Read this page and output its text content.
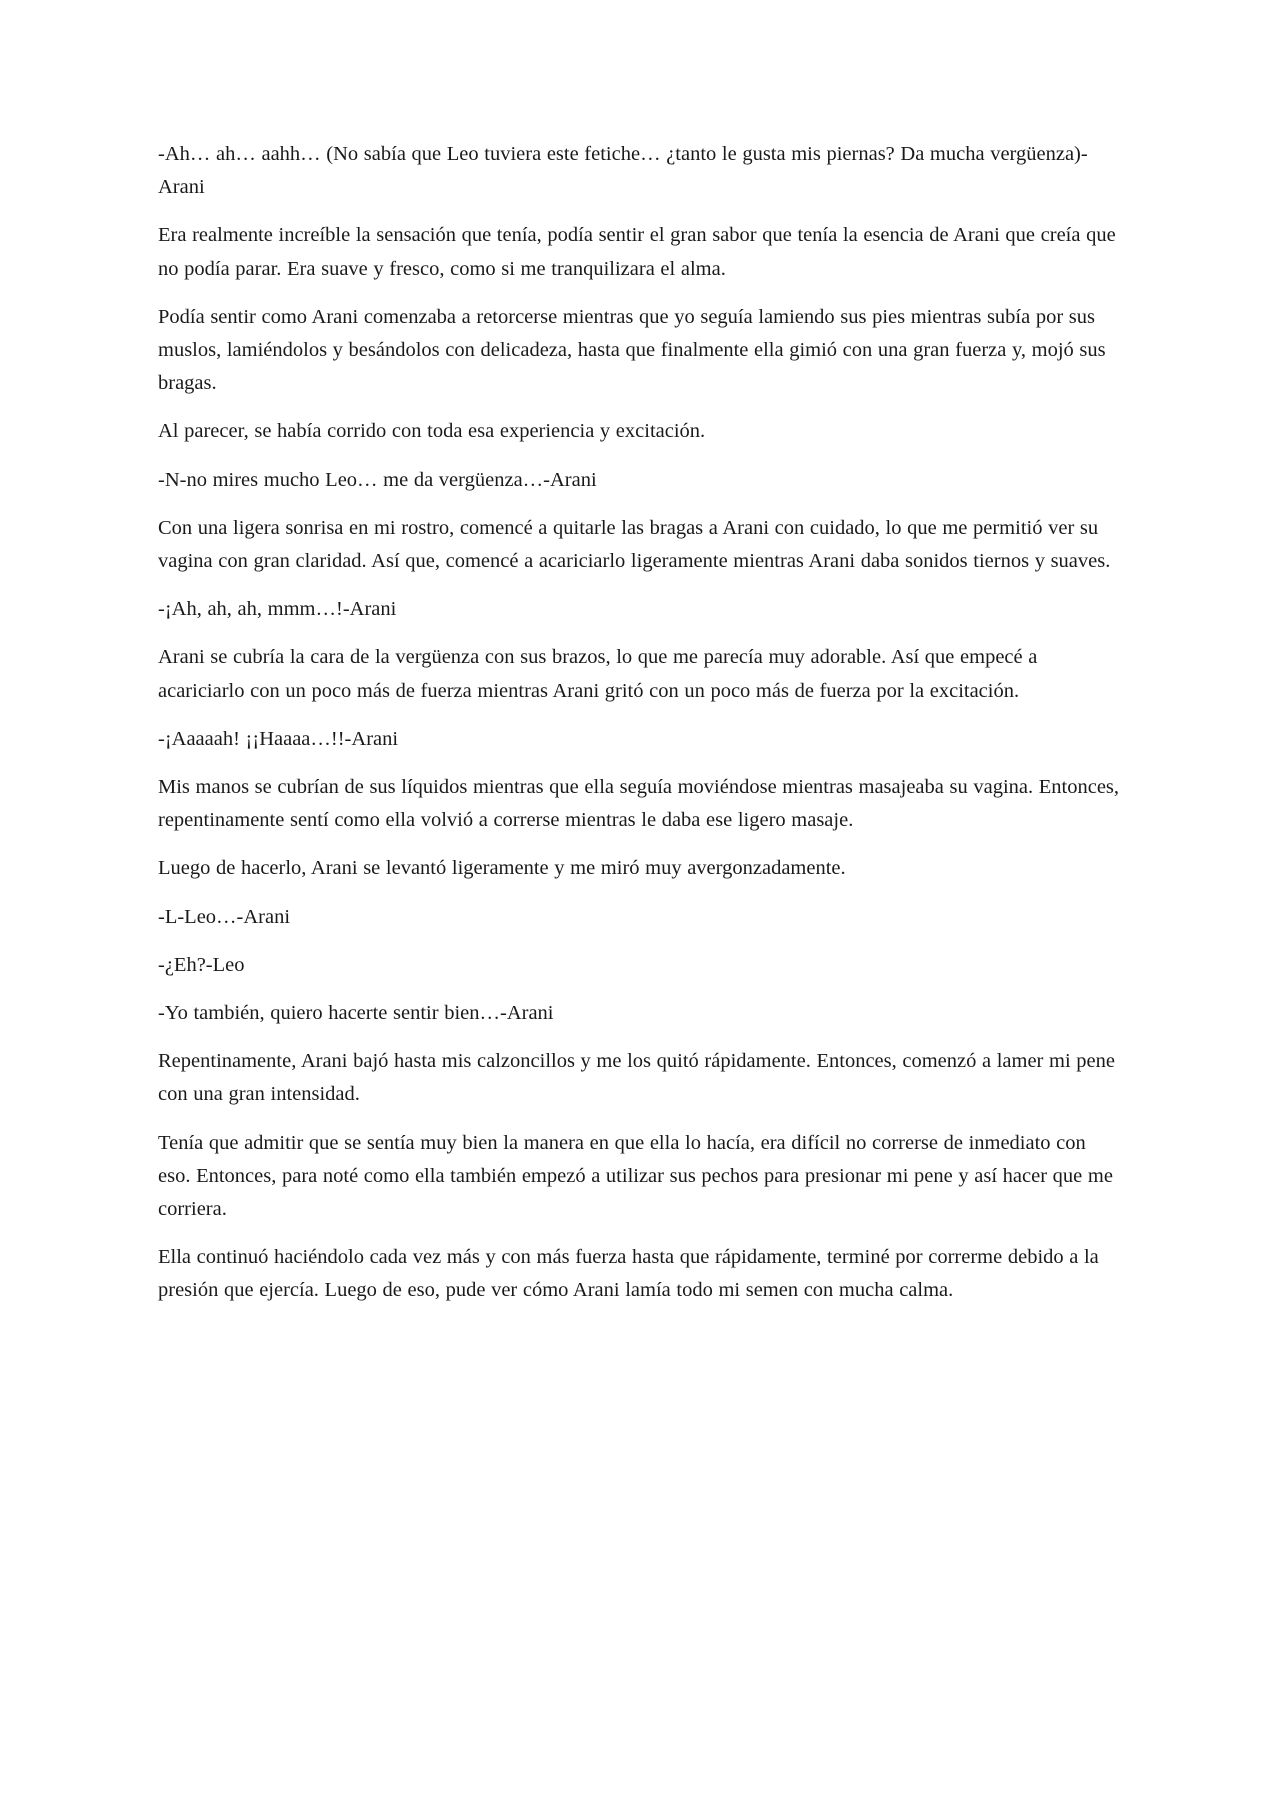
-Ah… ah… aahh… (No sabía que Leo tuviera este fetiche… ¿tanto le gusta mis piernas? Da mucha vergüenza)-Arani

Era realmente increíble la sensación que tenía, podía sentir el gran sabor que tenía la esencia de Arani que creía que no podía parar. Era suave y fresco, como si me tranquilizara el alma.

Podía sentir como Arani comenzaba a retorcerse mientras que yo seguía lamiendo sus pies mientras subía por sus muslos, lamiéndolos y besándolos con delicadeza, hasta que finalmente ella gimió con una gran fuerza y, mojó sus bragas.

Al parecer, se había corrido con toda esa experiencia y excitación.

-N-no mires mucho Leo… me da vergüenza…-Arani

Con una ligera sonrisa en mi rostro, comencé a quitarle las bragas a Arani con cuidado, lo que me permitió ver su vagina con gran claridad. Así que, comencé a acariciarlo ligeramente mientras Arani daba sonidos tiernos y suaves.

-¡Ah, ah, ah, mmm…!-Arani

Arani se cubría la cara de la vergüenza con sus brazos, lo que me parecía muy adorable. Así que empecé a acariciarlo con un poco más de fuerza mientras Arani gritó con un poco más de fuerza por la excitación.

-¡Aaaaah! ¡¡Haaaa…!!-Arani

Mis manos se cubrían de sus líquidos mientras que ella seguía moviéndose mientras masajeaba su vagina. Entonces, repentinamente sentí como ella volvió a correrse mientras le daba ese ligero masaje.

Luego de hacerlo, Arani se levantó ligeramente y me miró muy avergonzadamente.

-L-Leo…-Arani

-¿Eh?-Leo

-Yo también, quiero hacerte sentir bien…-Arani

Repentinamente, Arani bajó hasta mis calzoncillos y me los quitó rápidamente. Entonces, comenzó a lamer mi pene con una gran intensidad.

Tenía que admitir que se sentía muy bien la manera en que ella lo hacía, era difícil no correrse de inmediato con eso. Entonces, para noté como ella también empezó a utilizar sus pechos para presionar mi pene y así hacer que me corriera.

Ella continuó haciéndolo cada vez más y con más fuerza hasta que rápidamente, terminé por correrme debido a la presión que ejercía. Luego de eso, pude ver cómo Arani lamía todo mi semen con mucha calma.
